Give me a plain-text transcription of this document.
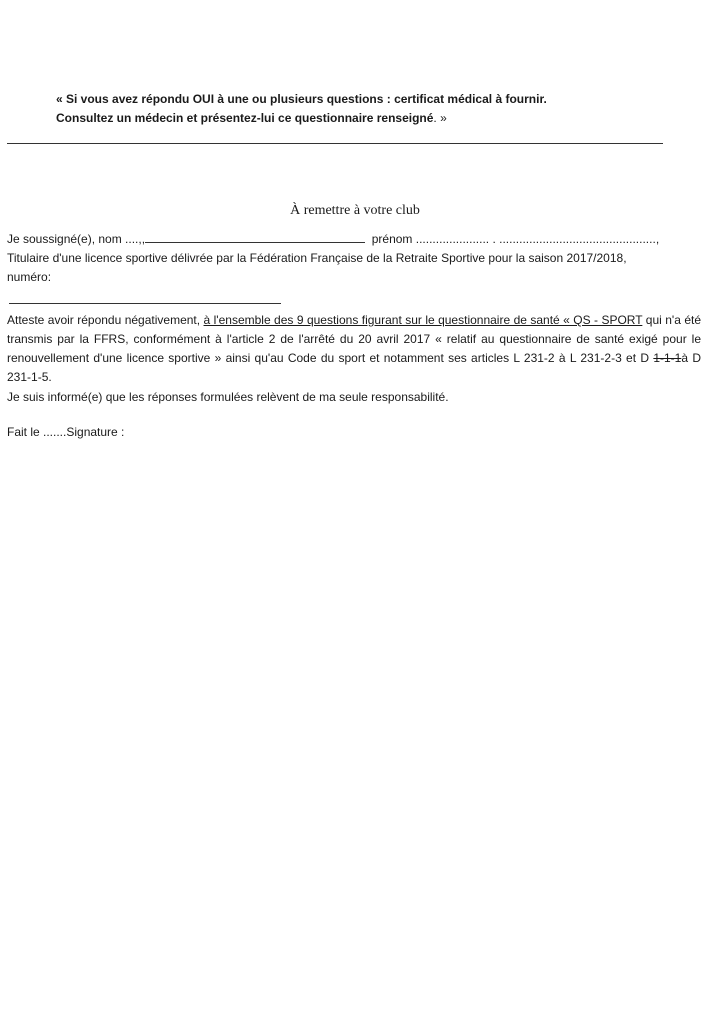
« Si vous avez répondu OUI à une ou plusieurs questions : certificat médical à fournir.
Consultez un médecin et présentez-lui ce questionnaire renseigné. »
À remettre à votre club
Je soussigné(e), nom ....,,	prénom ...................... . ...............................................,
Titulaire d'une licence sportive délivrée par la Fédération Française de la Retraite Sportive pour la saison 2017/2018,
numéro:
Atteste avoir répondu négativement, à l'ensemble des 9 questions figurant sur le questionnaire de santé « QS - SPORT qui n'a été transmis par la FFRS, conformément à l'article 2 de l'arrêté du 20 avril 2017 « relatif au questionnaire de santé exigé pour le renouvellement d'une licence sportive » ainsi qu'au Code du sport et notamment ses articles L 231-2 à L 231-2-3 et D 1-1-1à D 231-1-5.
Je suis informé(e) que les réponses formulées relèvent de ma seule responsabilité.
Fait le .......Signature :
